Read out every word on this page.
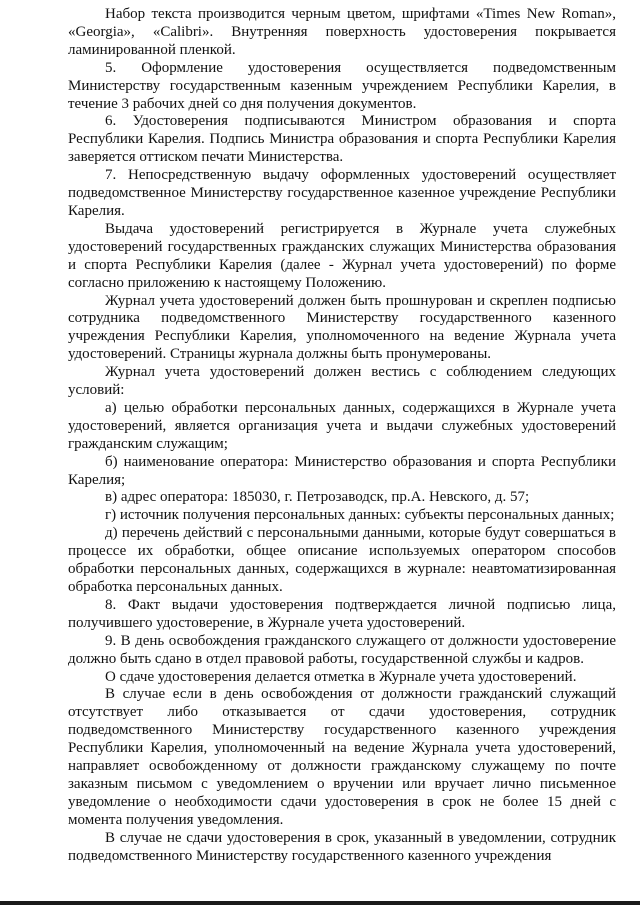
Набор текста производится черным цветом, шрифтами «Times New Roman», «Georgia», «Calibri». Внутренняя поверхность удостоверения покрывается ламинированной пленкой.

5. Оформление удостоверения осуществляется подведомственным Министерству государственным казенным учреждением Республики Карелия, в течение 3 рабочих дней со дня получения документов.

6. Удостоверения подписываются Министром образования и спорта Республики Карелия. Подпись Министра образования и спорта Республики Карелия заверяется оттиском печати Министерства.

7. Непосредственную выдачу оформленных удостоверений осуществляет подведомственное Министерству государственное казенное учреждение Республики Карелия.

Выдача удостоверений регистрируется в Журнале учета служебных удостоверений государственных гражданских служащих Министерства образования и спорта Республики Карелия (далее - Журнал учета удостоверений) по форме согласно приложению к настоящему Положению.

Журнал учета удостоверений должен быть прошнурован и скреплен подписью сотрудника подведомственного Министерству государственного казенного учреждения Республики Карелия, уполномоченного на ведение Журнала учета удостоверений. Страницы журнала должны быть пронумерованы.

Журнал учета удостоверений должен вестись с соблюдением следующих условий:

а) целью обработки персональных данных, содержащихся в Журнале учета удостоверений, является организация учета и выдачи служебных удостоверений гражданским служащим;

б) наименование оператора: Министерство образования и спорта Республики Карелия;

в) адрес оператора: 185030, г. Петрозаводск, пр.А. Невского, д. 57;

г) источник получения персональных данных: субъекты персональных данных;

д) перечень действий с персональными данными, которые будут совершаться в процессе их обработки, общее описание используемых оператором способов обработки персональных данных, содержащихся в журнале: неавтоматизированная обработка персональных данных.

8. Факт выдачи удостоверения подтверждается личной подписью лица, получившего удостоверение, в Журнале учета удостоверений.

9. В день освобождения гражданского служащего от должности удостоверение должно быть сдано в отдел правовой работы, государственной службы и кадров.

О сдаче удостоверения делается отметка в Журнале учета удостоверений.

В случае если в день освобождения от должности гражданский служащий отсутствует либо отказывается от сдачи удостоверения, сотрудник подведомственного Министерству государственного казенного учреждения Республики Карелия, уполномоченный на ведение Журнала учета удостоверений, направляет освобожденному от должности гражданскому служащему по почте заказным письмом с уведомлением о вручении или вручает лично письменное уведомление о необходимости сдачи удостоверения в срок не более 15 дней с момента получения уведомления.

В случае не сдачи удостоверения в срок, указанный в уведомлении, сотрудник подведомственного Министерству государственного казенного учреждения
